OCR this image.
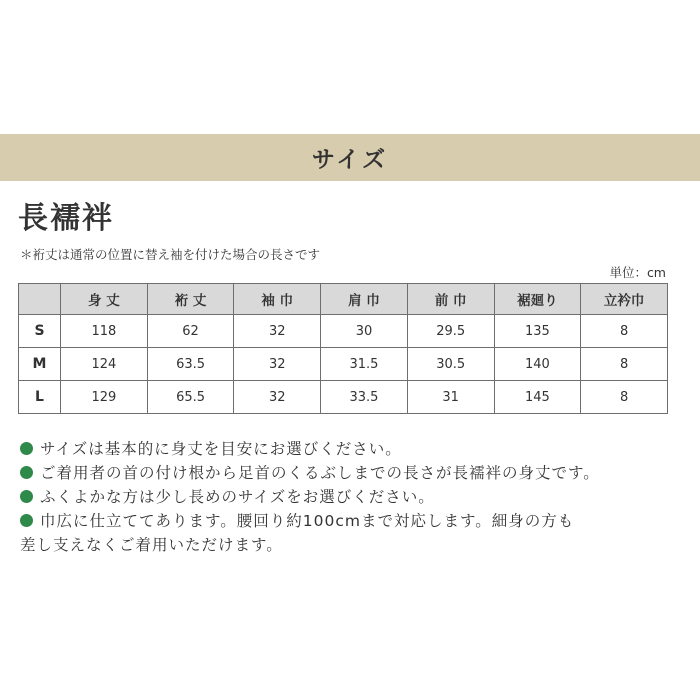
サイズ
長襦袢
＊裄丈は通常の位置に替え袖を付けた場合の長さです
単位：cm
	身 丈	裄 丈	袖 巾	肩 巾	前 巾	裾廻り	立衿巾
S	118	62	32	30	29.5	135	8
M	124	63.5	32	31.5	30.5	140	8
L	129	65.5	32	33.5	31	145	8
サイズは基本的に身丈を目安にお選びください。
ご着用者の首の付け根から足首のくるぶしまでの長さが長襦袢の身丈です。
ふくよかな方は少し長めのサイズをお選びください。
巾広に仕立ててあります。腰回り約100cmまで対応します。細身の方も
差し支えなくご着用いただけます。
